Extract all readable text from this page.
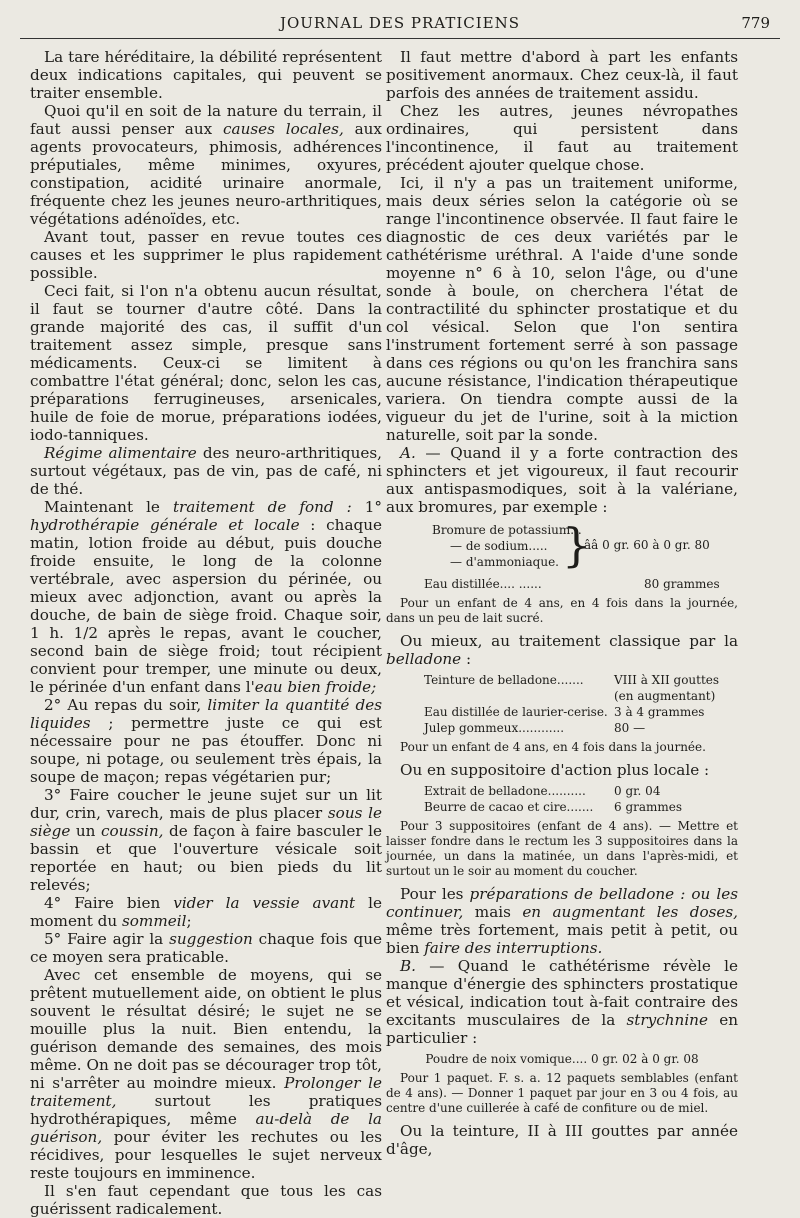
JOURNAL DES PRATICIENS	779

La tare héréditaire, la débilité représentent deux indications capitales, qui peuvent se traiter ensemble.

Quoi qu'il en soit de la nature du terrain, il faut aussi penser aux causes locales, aux agents provocateurs, phimosis, adhérences préputiales, même minimes, oxyures, constipation, acidité urinaire anormale, fréquente chez les jeunes neuro-arthritiques, végétations adénoïdes, etc.

Avant tout, passer en revue toutes ces causes et les supprimer le plus rapidement possible.

Ceci fait, si l'on n'a obtenu aucun résultat, il faut se tourner d'autre côté. Dans la grande majorité des cas, il suffit d'un traitement assez simple, presque sans médicaments. Ceux-ci se limitent à combattre l'état général; donc, selon les cas, préparations ferrugineuses, arsenicales, huile de foie de morue, préparations iodées, iodo-tanniques.

Régime alimentaire des neuro-arthritiques, surtout végétaux, pas de vin, pas de café, ni de thé.

Maintenant le traitement de fond : 1° hydrothérapie générale et locale : chaque matin, lotion froide au début, puis douche froide ensuite, le long de la colonne vertébrale, avec aspersion du périnée, ou mieux avec adjonction, avant ou après la douche, de bain de siège froid. Chaque soir, 1 h. 1/2 après le repas, avant le coucher, second bain de siège froid; tout récipient convient pour tremper, une minute ou deux, le périnée d'un enfant dans l'eau bien froide;

2° Au repas du soir, limiter la quantité des liquides ; permettre juste ce qui est nécessaire pour ne pas étouffer. Donc ni soupe, ni potage, ou seulement très épais, la soupe de maçon; repas végétarien pur;

3° Faire coucher le jeune sujet sur un lit dur, crin, varech, mais de plus placer sous le siège un coussin, de façon à faire basculer le bassin et que l'ouverture vésicale soit reportée en haut; ou bien pieds du lit relevés;

4° Faire bien vider la vessie avant le moment du sommeil;

5° Faire agir la suggestion chaque fois que ce moyen sera praticable.

Avec cet ensemble de moyens, qui se prêtent mutuellement aide, on obtient le plus souvent le résultat désiré; le sujet ne se mouille plus la nuit. Bien entendu, la guérison demande des semaines, des mois même. On ne doit pas se décourager trop tôt, ni s'arrêter au moindre mieux. Prolonger le traitement, surtout les pratiques hydrothérapiques, même au-delà de la guérison, pour éviter les rechutes ou les récidives, pour lesquelles le sujet nerveux reste toujours en imminence.

Il s'en faut cependant que tous les cas guérissent radicalement.

Il faut mettre d'abord à part les enfants positivement anormaux. Chez ceux-là, il faut parfois des années de traitement assidu.

Chez les autres, jeunes névropathes ordinaires, qui persistent dans l'incontinence, il faut au traitement précédent ajouter quelque chose.

Ici, il n'y a pas un traitement uniforme, mais deux séries selon la catégorie où se range l'incontinence observée. Il faut faire le diagnostic de ces deux variétés par le cathétérisme uréthral. A l'aide d'une sonde moyenne n° 6 à 10, selon l'âge, ou d'une sonde à boule, on cherchera l'état de contractilité du sphincter prostatique et du col vésical. Selon que l'on sentira l'instrument fortement serré à son passage dans ces régions ou qu'on les franchira sans aucune résistance, l'indication thérapeutique variera. On tiendra compte aussi de la vigueur du jet de l'urine, soit à la miction naturelle, soit par la sonde.

A. — Quand il y a forte contraction des sphincters et jet vigoureux, il faut recourir aux antispasmodiques, soit à la valériane, aux bromures, par exemple :

Bromure de potassium...
— de sodium.....
— d'ammoniaque. }
ââ 0 gr. 60 à 0 gr. 80
Eau distillée.... ......	80 grammes
Pour un enfant de 4 ans, en 4 fois dans la journée, dans un peu de lait sucré.

Ou mieux, au traitement classique par la belladone :

Teinture de belladone.......	VIII à XII gouttes
(en augmentant)
Eau distillée de laurier-cerise. 3 à 4 grammes
Julep gommeux............	80 —
Pour un enfant de 4 ans, en 4 fois dans la journée.

Ou en suppositoire d'action plus locale :

Extrait de belladone..........	0 gr. 04
Beurre de cacao et cire.......	6 grammes
Pour 3 suppositoires (enfant de 4 ans). — Mettre et laisser fondre dans le rectum les 3 suppositoires dans la journée, un dans la matinée, un dans l'après-midi, et surtout un le soir au moment du coucher.

Pour les préparations de belladone : ou les continuer, mais en augmentant les doses, même très fortement, mais petit à petit, ou bien faire des interruptions.

B. — Quand le cathétérisme révèle le manque d'énergie des sphincters prostatique et vésical, indication tout à-fait contraire des excitants musculaires de la strychnine en particulier :

Poudre de noix vomique.... 0 gr. 02 à 0 gr. 08
Pour 1 paquet. F. s. a. 12 paquets semblables (enfant de 4 ans). — Donner 1 paquet par jour en 3 ou 4 fois, au centre d'une cuillerée à café de confiture ou de miel.

Ou la teinture, II à III gouttes par année d'âge,
